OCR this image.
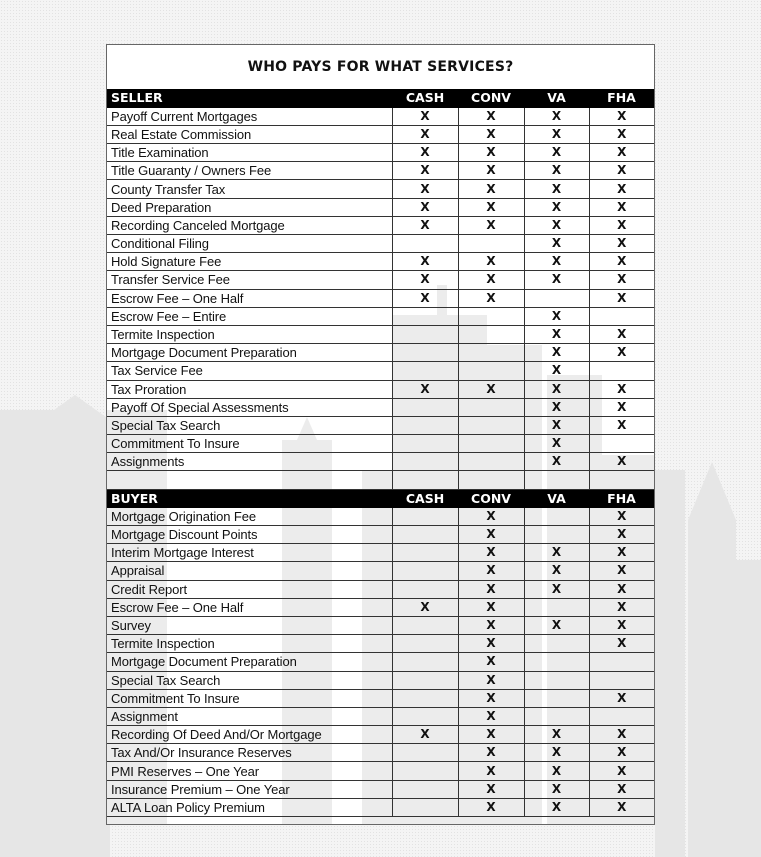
WHO PAYS FOR WHAT SERVICES?
SELLER	CASH	CONV	VA	FHA
Payoff Current Mortgages	X	X	X	X
Real Estate Commission	X	X	X	X
Title Examination	X	X	X	X
Title Guaranty / Owners Fee	X	X	X	X
County Transfer Tax	X	X	X	X
Deed Preparation	X	X	X	X
Recording Canceled Mortgage	X	X	X	X
Conditional Filing			X	X
Hold Signature Fee	X	X	X	X
Transfer Service Fee	X	X	X	X
Escrow Fee – One Half	X	X		X
Escrow Fee – Entire			X	
Termite Inspection			X	X
Mortgage Document Preparation			X	X
Tax Service Fee			X	
Tax Proration	X	X	X	X
Payoff Of Special Assessments			X	X
Special Tax Search			X	X
Commitment To Insure			X	
Assignments			X	X

BUYER	CASH	CONV	VA	FHA
Mortgage Origination Fee		X		X
Mortgage Discount Points		X		X
Interim Mortgage Interest		X	X	X
Appraisal		X	X	X
Credit Report		X	X	X
Escrow Fee – One Half	X	X		X
Survey		X	X	X
Termite Inspection		X		X
Mortgage Document Preparation		X		
Special Tax Search		X		
Commitment To Insure		X		X
Assignment		X		
Recording Of Deed And/Or Mortgage	X	X	X	X
Tax And/Or Insurance Reserves		X	X	X
PMI Reserves – One Year		X	X	X
Insurance Premium – One Year		X	X	X
ALTA Loan Policy Premium		X	X	X
